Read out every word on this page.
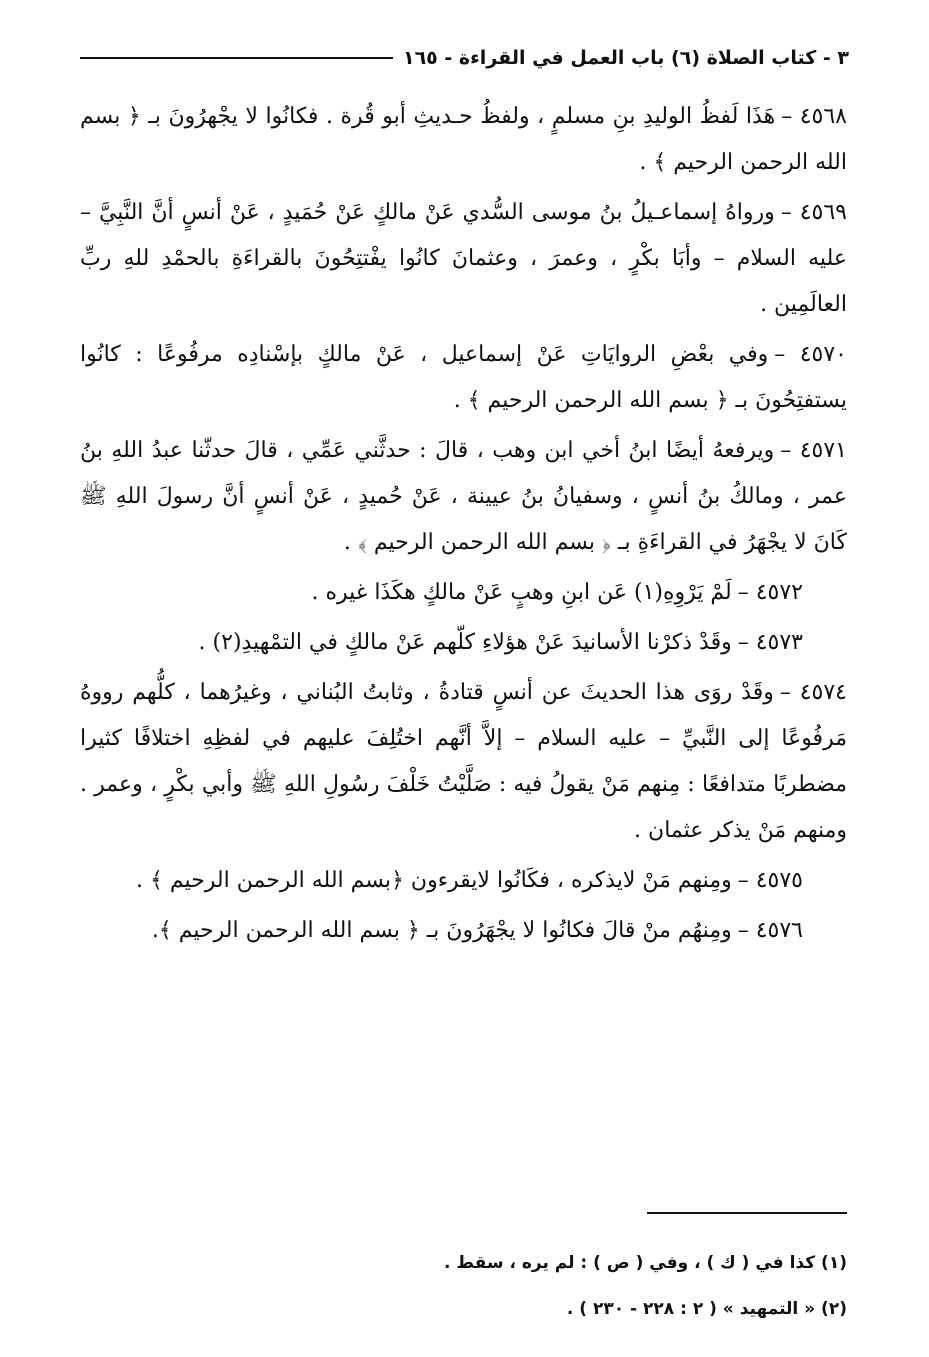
٣ - كتاب الصلاة (٦) باب العمل في القراءة - ١٦٥

٤٥٦٨ –هَذَا لَفظُ الوليدِ بنِ مسلمٍ ، ولفظُ حـديثِ أبو قُرة . فكانُوا لا يجْهرُونَ بـ ﴿ بسم الله الرحمن الرحيم ﴾ .

٤٥٦٩ –ورواهُ إسماعـيلُ بنُ موسى السُّدي عَنْ مالكٍ عَنْ حُمَيدٍ ، عَنْ أنسٍ أنَّ النَّبِيَّ – عليه السلام – وأبَا بكْرٍ ، وعمرَ ، وعثمانَ كانُوا يفْتتِحُونَ بالقراءَةِ بالحمْدِ للهِ ربِّ العالَمِين .

٤٥٧٠ –وفي بعْضِ الروايَاتِ عَنْ إسماعيل ، عَنْ مالكٍ بإسْنادِه مرفُوعًا : كانُوا يستفتِحُونَ بـ ﴿ بسم الله الرحمن الرحيم ﴾ .

٤٥٧١ –ويرفعهُ أيضًا ابنُ أخي ابن وهب ، قالَ : حدثَّني عَمِّي ، قالَ حدثّنا عبدُ اللهِ بنُ عمر ، ومالكُ بنُ أنسٍ ، وسفيانُ بنُ عيينة ، عَنْ حُميدٍ ، عَنْ أنسٍ أنَّ رسولَ اللهِ ﷺ كَانَ لا يجْهَرُ في القراءَةِ بـ ﴿ بسم الله الرحمن الرحيم ﴾ .

٤٥٧٢ –لَمْ يَرْوِهِ(١) عَن ابنِ وهبٍ عَنْ مالكٍ هكَذَا غيره .

٤٥٧٣ –وقَدْ ذكرْنا الأسانيدَ عَنْ هؤلاءِ كلّهم عَنْ مالكٍ في التمْهيدِ(٢) .

٤٥٧٤ –وقَدْ روَى هذا الحديثَ عن أنسٍ قتادةُ ، وثابتُ البُناني ، وغيرُهما ، كلُّهم رووهُ مَرفُوعًا إلى النَّبيِّ – عليه السلام – إلاَّ أنَّهم اختُلِفَ عليهم في لفظِهِ اختلافًا كثيرا مضطربًا متدافعًا : مِنهم مَنْ يقولُ فيه : صَلَّيْتُ خَلْفَ رسُولِ اللهِ ﷺ وأبي بكْرٍ ، وعمر . ومنهم مَنْ يذكر عثمان .

٤٥٧٥ –ومِنهم مَنْ لايذكره ، فكَانُوا لايقرءون ﴿بسم الله الرحمن الرحيم ﴾ .

٤٥٧٦ –ومِنهُم منْ قالَ فكانُوا لا يجْهَرُونَ بـ ﴿ بسم الله الرحمن الرحيم ﴾.

(١) كذا في ( ك ) ، وفي ( ص ) : لم يره ، سقط .

(٢) « التمهيد » ( ٢ : ٢٢٨ - ٢٣٠ ) .
